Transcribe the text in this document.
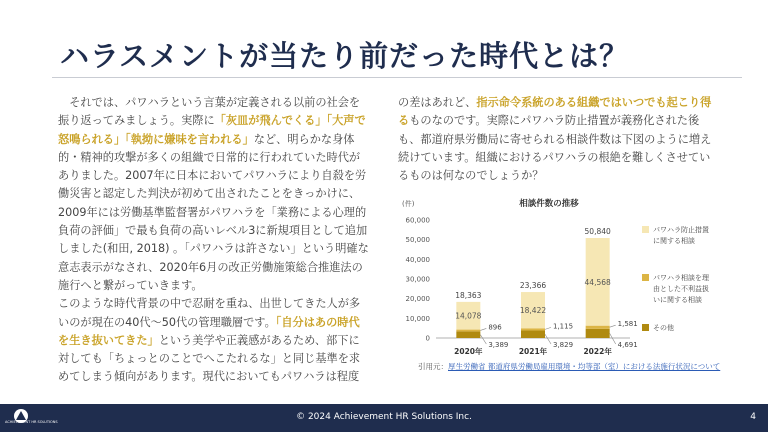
ハラスメントが当たり前だった時代とは？

それでは、パワハラという言葉が定義される以前の社会を振り返ってみましょう。実際に「灰皿が飛んでくる」「大声で怒鳴られる」「執拗に嫌味を言われる」など、明らかな身体的・精神的攻撃が多くの組織で日常的に行われていた時代がありました。2007年に日本においてパワハラにより自殺を労働災害と認定した判決が初めて出されたことをきっかけに、2009年には労働基準監督署がパワハラを「業務による心理的負荷の評価」で最も負荷の高いレベル3に新規項目として追加しました(和田, 2018) 。「パワハラは許さない」という明確な意志表示がなされ、2020年6月の改正労働施策総合推進法の施行へと繋がっていきます。

このような時代背景の中で忍耐を重ね、出世してきた人が多いのが現在の40代〜50代の管理職層です。「自分はあの時代を生き抜いてきた」という美学や正義感があるため、部下に対しても「ちょっとのことでへこたれるな」と同じ基準を求めてしまう傾向があります。現代においてもパワハラは程度

の差はあれど、指示命令系統のある組織ではいつでも起こり得るものなのです。実際にパワハラ防止措置が義務化された後も、都道府県労働局に寄せられる相談件数は下図のように増え続けています。組織におけるパワハラの根絶を難しくさせているものは何なのでしょうか？

相談件数の推移
(件)
60,000
50,000
40,000
30,000
20,000
10,000
0
18,363
14,078
896
3,389
2020年
23,366
18,422
1,115
3,829
2021年
50,840
44,568
1,581
4,691
2022年
パワハラ防止措置
に関する相談
パワハラ相談を理
由とした不利益扱
いに関する相談
その他
引用元：厚生労働省 都道府県労働局雇用環境・均等部（室）における法施行状況について
ACHIEVEMENT HR SOLUTIONS	© 2024 Achievement HR Solutions Inc.	4
